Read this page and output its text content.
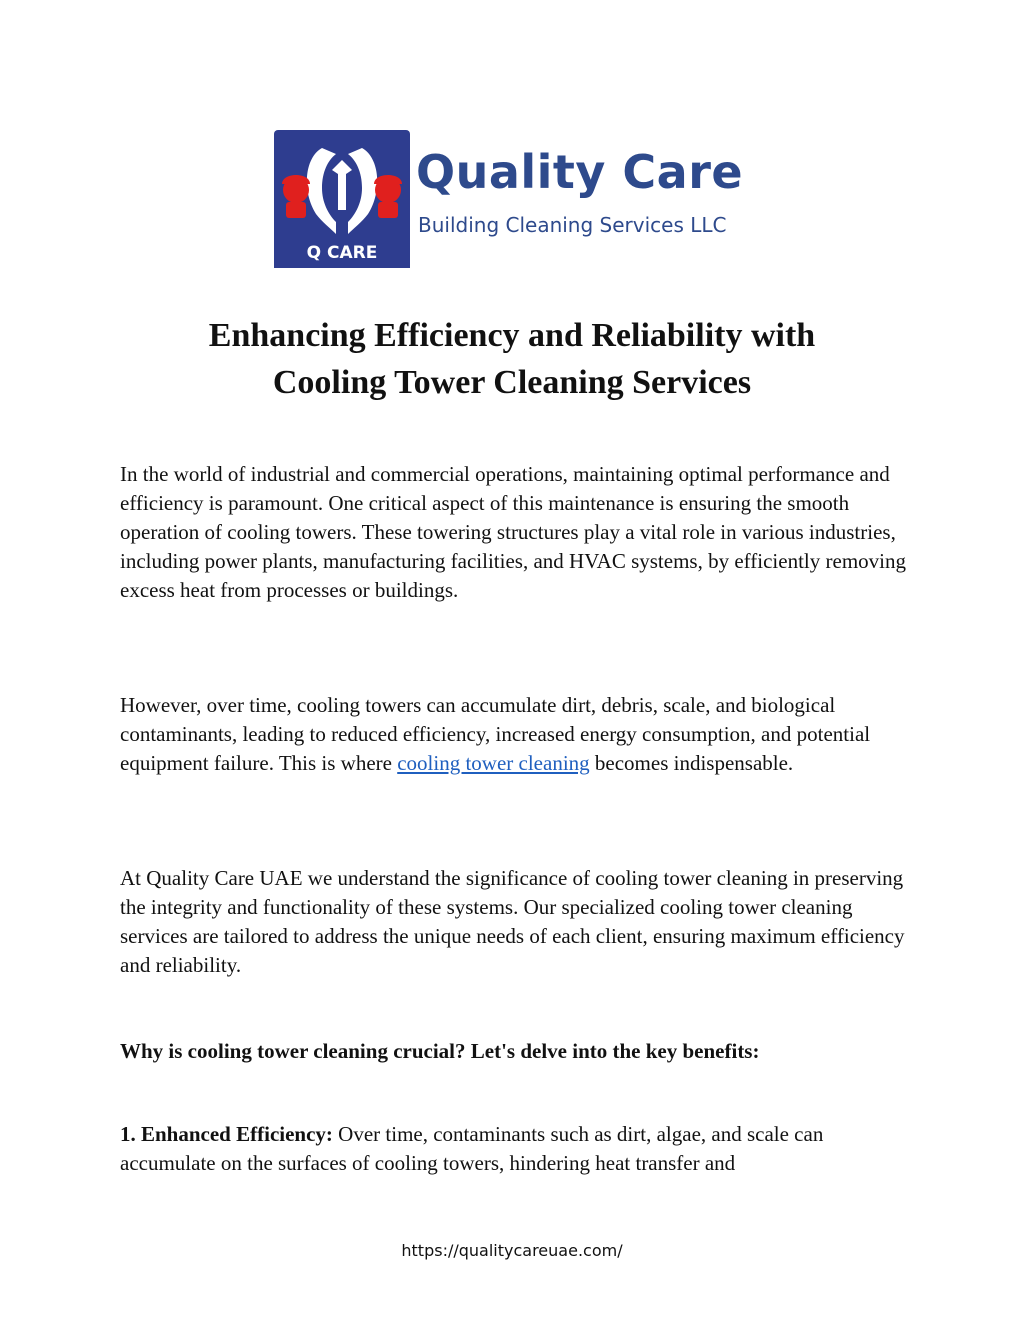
Q CARE
Quality Care
Building Cleaning Services LLC
Enhancing Efficiency and Reliability with
Cooling Tower Cleaning Services

In the world of industrial and commercial operations, maintaining optimal performance and efficiency is paramount. One critical aspect of this maintenance is ensuring the smooth operation of cooling towers. These towering structures play a vital role in various industries, including power plants, manufacturing facilities, and HVAC systems, by efficiently removing excess heat from processes or buildings.

However, over time, cooling towers can accumulate dirt, debris, scale, and biological contaminants, leading to reduced efficiency, increased energy consumption, and potential equipment failure. This is where cooling tower cleaning becomes indispensable.

At Quality Care UAE we understand the significance of cooling tower cleaning in preserving the integrity and functionality of these systems. Our specialized cooling tower cleaning services are tailored to address the unique needs of each client, ensuring maximum efficiency and reliability.

Why is cooling tower cleaning crucial? Let's delve into the key benefits:

1. Enhanced Efficiency: Over time, contaminants such as dirt, algae, and scale can accumulate on the surfaces of cooling towers, hindering heat transfer and

https://qualitycareuae.com/
